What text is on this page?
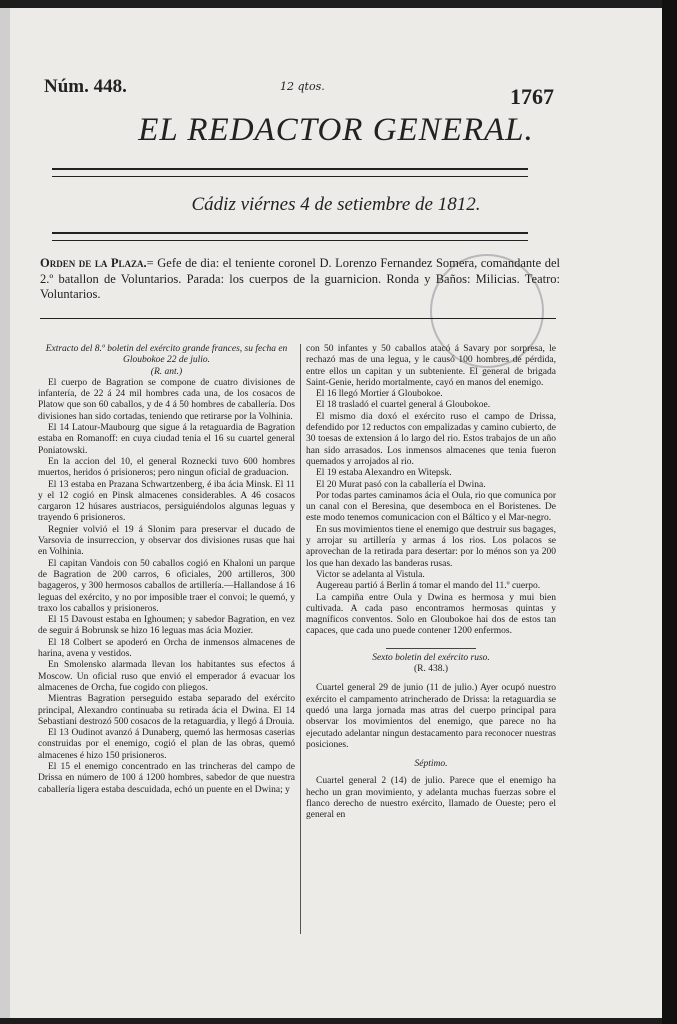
Núm. 448.	12 qtos.	1767
EL REDACTOR GENERAL.
Cádiz viérnes 4 de setiembre de 1812.
Orden de la Plaza.= Gefe de dia: el teniente coronel D. Lorenzo Fernandez Somera, comandante del 2.º batallon de Voluntarios. Parada: los cuerpos de la guarnicion. Ronda y Baños: Milicias. Teatro: Voluntarios.

Extracto del 8.º boletin del exército grande frances, su fecha en Gloubokoe 22 de julio.

(R. ant.)

El cuerpo de Bagration se compone de cuatro divisiones de infantería, de 22 á 24 mil hombres cada una, de los cosacos de Platow que son 60 caballos, y de 4 á 50 hombres de caballería. Dos divisiones han sido cortadas, teniendo que retirarse por la Volhinia.

El 14 Latour-Maubourg que sigue á la retaguardia de Bagration estaba en Romanoff: en cuya ciudad tenia el 16 su cuartel general Poniatowski.

En la accion del 10, el general Roznecki tuvo 600 hombres muertos, heridos ó prisioneros; pero ningun oficial de graduacion.

El 13 estaba en Prazana Schwartzenberg, é iba ácia Minsk. El 11 y el 12 cogió en Pinsk almacenes considerables. A 46 cosacos cargaron 12 húsares austriacos, persiguiéndolos algunas leguas y trayendo 6 prisioneros.

Regnier volvió el 19 á Slonim para preservar el ducado de Varsovia de insurreccion, y observar dos divisiones rusas que hai en Volhinia.

El capitan Vandois con 50 caballos cogió en Khaloni un parque de Bagration de 200 carros, 6 oficiales, 200 artilleros, 300 bagageros, y 300 hermosos caballos de artillería.—Hallandose á 16 leguas del exército, y no por imposible traer el convoi; le quemó, y traxo los caballos y prisioneros.

El 15 Davoust estaba en Ighoumen; y sabedor Bagration, en vez de seguir á Bobrunsk se hizo 16 leguas mas ácia Mozier.

El 18 Colbert se apoderó en Orcha de inmensos almacenes de harina, avena y vestidos.

En Smolensko alarmada llevan los habitantes sus efectos á Moscow. Un oficial ruso que envió el emperador á evacuar los almacenes de Orcha, fue cogido con pliegos.

Mientras Bagration perseguido estaba separado del exército principal, Alexandro continuaba su retirada ácia el Dwina. El 14 Sebastiani destrozó 500 cosacos de la retaguardia, y llegó á Drouia.

El 13 Oudinot avanzó á Dunaberg, quemó las hermosas caserias construidas por el enemigo, cogió el plan de las obras, quemó almacenes é hizo 150 prisioneros.

El 15 el enemigo concentrado en las trincheras del campo de Drissa en número de 100 á 1200 hombres, sabedor de que nuestra caballería ligera estaba descuidada, echó un puente en el Dwina; y

con 50 infantes y 50 caballos atacó á Savary por sorpresa, le rechazó mas de una legua, y le causó 100 hombres de pérdida, entre ellos un capitan y un subteniente. El general de brigada Saint-Genie, herido mortalmente, cayó en manos del enemigo.

El 16 llegó Mortier á Gloubokoe.

El 18 trasladó el cuartel general á Gloubokoe.

El mismo dia doxó el exército ruso el campo de Drissa, defendido por 12 reductos con empalizadas y camino cubierto, de 30 toesas de extension á lo largo del rio. Estos trabajos de un año han sido arrasados. Los inmensos almacenes que tenia fueron quemados y arrojados al rio.

El 19 estaba Alexandro en Witepsk.

El 20 Murat pasó con la caballería el Dwina.

Por todas partes caminamos ácia el Oula, rio que comunica por un canal con el Beresina, que desemboca en el Boristenes. De este modo tenemos comunicacion con el Báltico y el Mar-negro.

En sus movimientos tiene el enemigo que destruir sus bagages, y arrojar su artillería y armas á los rios. Los polacos se aprovechan de la retirada para desertar: por lo ménos son ya 200 los que han dexado las banderas rusas.

Victor se adelanta al Vistula.

Augereau partió á Berlin á tomar el mando del 11.º cuerpo.

La campiña entre Oula y Dwina es hermosa y mui bien cultivada. A cada paso encontramos hermosas quintas y magníficos conventos. Solo en Gloubokoe hai dos de estos tan capaces, que cada uno puede contener 1200 enfermos.

Sexto boletin del exército ruso.

(R. 438.)

Cuartel general 29 de junio (11 de julio.) Ayer ocupó nuestro exército el campamento atrincherado de Drissa: la retaguardia se quedó una larga jornada mas atras del cuerpo principal para observar los movimientos del enemigo, que parece no ha ejecutado adelantar ningun destacamento para reconocer nuestras posiciones.

Séptimo.

Cuartel general 2 (14) de julio. Parece que el enemigo ha hecho un gran movimiento, y adelanta muchas fuerzas sobre el flanco derecho de nuestro exército, llamado de Oueste; pero el general en
